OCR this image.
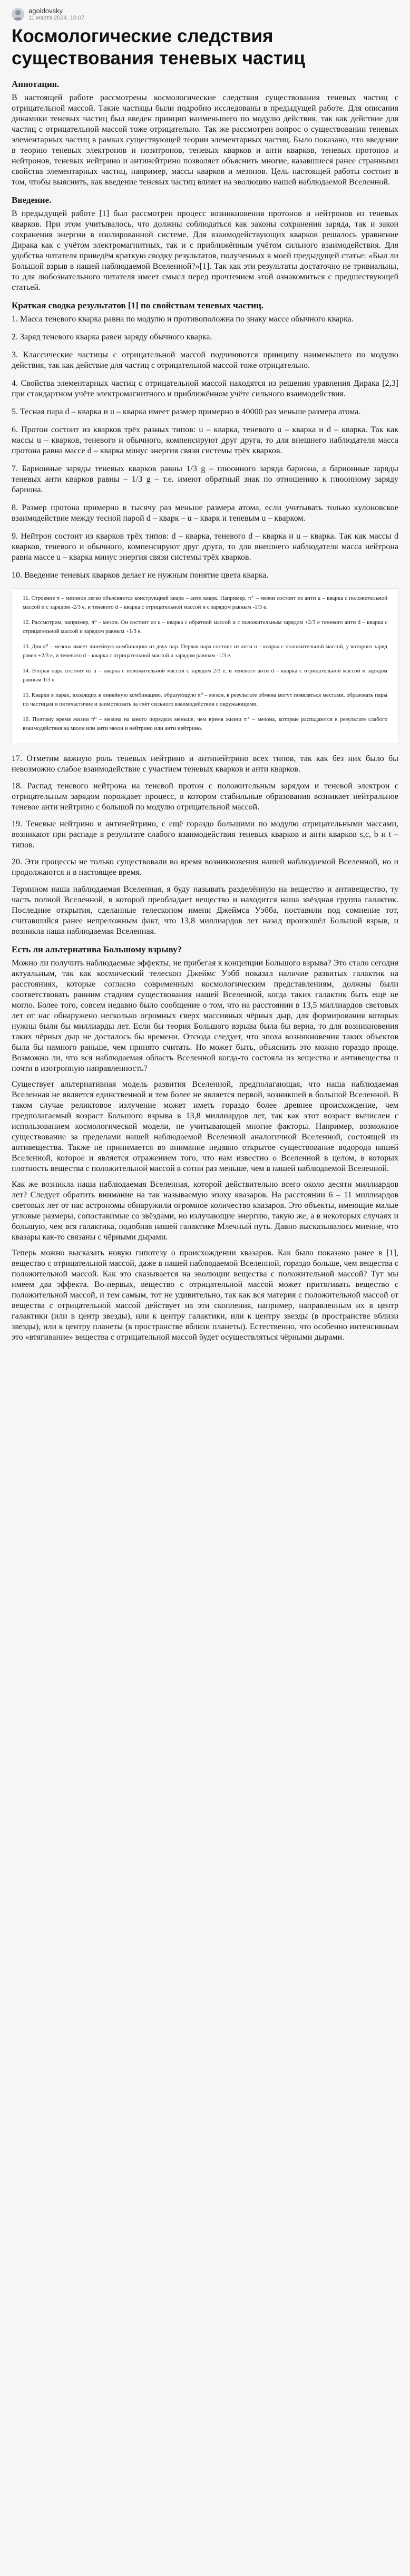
agoldovsky
11 марта 2024, 10:07
Космологические следствия существования теневых частиц
Аннотация.

В настоящей работе рассмотрены космологические следствия существования теневых частиц с отрицательной массой. Такие частицы были подробно исследованы в предыдущей работе. Для описания динамики теневых частиц был введен принцип наименьшего по модулю действия, так как действие для частиц с отрицательной массой тоже отрицательно. Так же рассмотрен вопрос о существовании теневых элементарных частиц в рамках существующей теории элементарных частиц. Было показано, что введение в теорию теневых электронов и позитронов, теневых кварков и анти кварков, теневых протонов и нейтронов, теневых нейтрино и антинейтрино позволяет объяснить многие, казавшиеся ранее странными свойства элементарных частиц, например, массы кварков и мезонов. Цель настоящей работы состоит в том, чтобы выяснить, как введение теневых частиц влияет на эволюцию нашей наблюдаемой Вселенной.

Введение.

В предыдущей работе [1] был рассмотрен процесс возникновения протонов и нейтронов из теневых кварков. При этом учитывалось, что должны соблюдаться как законы сохранения заряда, так и закон сохранения энергии в изолированной системе. Для взаимодействующих кварков решалось уравнение Дирака как с учётом электромагнитных, так и с приближённым учётом сильного взаимодействия. Для удобства читателя приведём краткую сводку результатов, полученных в моей предыдущей статье: «Был ли Большой взрыв в нашей наблюдаемой Вселенной?»[1]. Так как эти результаты достаточно не тривиальны, то для любознательного читателя имеет смысл перед прочтением этой ознакомиться с предшествующей статьей.

Краткая сводка результатов [1] по свойствам теневых частиц.
1. Масса теневого кварка равна по модулю и противоположна по знаку массе обычного кварка.
2. Заряд теневого кварка равен заряду обычного кварка.
3. Классические частицы с отрицательной массой подчиняются принципу наименьшего по модулю действия, так как действие для частиц с отрицательной массой тоже отрицательно.
4. Свойства элементарных частиц с отрицательной массой находятся из решения уравнения Дирака [2,3] при стандартном учёте электромагнитного и приближённом учёте сильного взаимодействия.
5. Тесная пара d – кварка и u – кварка имеет размер примерно в 40000 раз меньше размера атома.
6. Протон состоит из кварков трёх разных типов: u – кварка, теневого u – кварка и d – кварка. Так как массы u – кварков, теневого и обычного, компенсируют друг друга, то для внешнего наблюдателя масса протона равна массе d – кварка минус энергия связи системы трёх кварков.
7. Барионные заряды теневых кварков равны 1/3 g – глюонного заряда бариона, а барионные заряды теневых анти кварков равны – 1/3 g – т.е. имеют обратный знак по отношению к глюонному заряду бариона.
8. Размер протона примерно в тысячу раз меньше размера атома, если учитывать только кулоновское взаимодействие между тесной парой d – кварк – u – кварк и теневым u – кварком.
9. Нейтрон состоит из кварков трёх типов: d – кварка, теневого d – кварка и u – кварка. Так как массы d кварков, теневого и обычного, компенсируют друг друга, то для внешнего наблюдателя масса нейтрона равна массе u – кварка минус энергия связи системы трёх кварков.
10. Введение теневых кварков делает не нужным понятие цвета кварка.

11. Строение π – мезонов легко объясняется конструкцией кварк – анти кварк. Например, π⁺ – мезон состоит из анти u – кварка с положительной массой и с зарядом -2/3 e, и теневого d – кварка с отрицательной массой и с зарядом равным -1/3 e.

12. Рассмотрим, например, π⁰ – мезон. Он состоит из u – кварка с обратной массой и с положительным зарядом +2/3 e теневого анти d – кварка с отрицательной массой и зарядом равным +1/3 e.

13. Для π⁰ – мезона имеет линейную комбинацию из двух пар. Первая пара состоит из анти u – кварка с положительной массой, у которого заряд равен +2/3 e, и теневого d – кварка с отрицательной массой и зарядом равным -1/3 e.

14. Вторая пара состоит из u – кварка с положительной массой с зарядом 2/3 e, и теневого анти d – кварка с отрицательной массой и зарядом равным 1/3 e.

15. Кварки в парах, входящих в линейную комбинацию, образующую π⁰ – мезон, в результате обмена могут появляться местами, образовать пары по частицам и пятичастичие и заимствовать за счёт сильного взаимодействия с окружающими.

16. Поэтому время жизни π⁰ – мезона на много порядков меньше, чем время жизни π⁺ – мезона, которые распадаются в результате слабого взаимодействия на мюон или анти мюон и нейтрино или анти нейтрино.

17. Отметим важную роль теневых нейтрино и антинейтрино всех типов, так как без них было бы невозможно слабое взаимодействие с участием теневых кварков и анти кварков.
18. Распад теневого нейтрона на теневой протон с положительным зарядом и теневой электрон с отрицательным зарядом порождает процесс, в котором стабильные образования возникает нейтральное теневое анти нейтрино с большой по модулю отрицательной массой.
19. Теневые нейтрино и антинейтрино, с ещё гораздо большими по модулю отрицательными массами, возникают при распаде в результате слабого взаимодействия теневых кварков и анти кварков s,c, b и t – типов.
20. Эти процессы не только существовали во время возникновения нашей наблюдаемой Вселенной, но и продолжаются и в настоящее время.

Термином наша наблюдаемая Вселенная, я буду называть разделённую на вещество и антивещество, ту часть полной Вселенной, в которой преобладает вещество и находится наша звёздная группа галактик. Последние открытия, сделанные телескопом имени Джеймса Уэбба, поставили под сомнение тот, считавшийся ранее непреложным факт, что 13,8 миллиардов лет назад произошёл Большой взрыв, и возникла наша наблюдаемая Вселенная.

Есть ли альтернатива Большому взрыву?

Можно ли получить наблюдаемые эффекты, не прибегая к концепции Большого взрыва? Это стало сегодня актуальным, так как космический телескоп Джеймс Уэбб показал наличие развитых галактик на расстояниях, которые согласно современным космологическим представлениям, должны были соответствовать ранним стадиям существования нашей Вселенной, когда таких галактик быть ещё не могло. Более того, совсем недавно было сообщение о том, что на расстоянии в 13,5 миллиардов световых лет от нас обнаружено несколько огромных сверх массивных чёрных дыр, для формирования которых нужны были бы миллиарды лет. Если бы теория Большого взрыва была бы верна, то для возникновения таких чёрных дыр не досталось бы времени. Отсюда следует, что эпоха возникновения таких объектов была бы намного раньше, чем принято считать. Но может быть, объяснить это можно гораздо проще. Возможно ли, что вся наблюдаемая область Вселенной когда-то состояла из вещества и антивещества и почти в изотропную направленность?

Существует альтернативная модель развития Вселенной, предполагающая, что наша наблюдаемая Вселенная не является единственной и тем более не является первой, возникшей в большой Вселенной. В таком случае реликтовое излучение может иметь гораздо более древнее происхождение, чем предполагаемый возраст Большого взрыва в 13,8 миллиардов лет, так как этот возраст вычислен с использованием космологической модели, не учитывающей многие факторы. Например, возможное существование за пределами нашей наблюдаемой Вселенной аналогичной Вселенной, состоящей из антивещества. Также не принимается во внимание недавно открытое существование водорода нашей Вселенной, которое и является отражением того, что нам известно о Вселенной в целом, в которых плотность вещества с положительной массой в сотни раз меньше, чем в нашей наблюдаемой Вселенной.

Как же возникла наша наблюдаемая Вселенная, которой действительно всего около десяти миллиардов лет? Следует обратить внимание на так называемую эпоху квазаров. На расстоянии 6 – 11 миллиардов световых лет от нас астрономы обнаружили огромное количество квазаров. Это объекты, имеющие малые угловые размеры, сопоставимые со звёздами, но излучающие энергию, такую же, а в некоторых случаях и большую, чем вся галактика, подобная нашей галактике Млечный путь. Давно высказывалось мнение, что квазары как-то связаны с чёрными дырами.

Теперь можно высказать новую гипотезу о происхождении квазаров. Как было показано ранее в [1], вещество с отрицательной массой, даже в нашей наблюдаемой Вселенной, гораздо больше, чем вещества с положительной массой. Как это сказывается на эволюции вещества с положительной массой? Тут мы имеем два эффекта. Во-первых, вещество с отрицательной массой может притягивать вещество с положительной массой, и тем самым, тот не удивительно, так как вся материя с положительной массой от вещества с отрицательной массой действует на эти скопления, например, направленным их в центр галактики (или в центр звезды), или к центру галактики, или к центру звезды (в пространстве вблизи звезды), или к центру планеты (в пространстве вблизи планеты). Естественно, что особенно интенсивным это «втягивание» вещества с отрицательной массой будет осуществляться чёрными дырами.
